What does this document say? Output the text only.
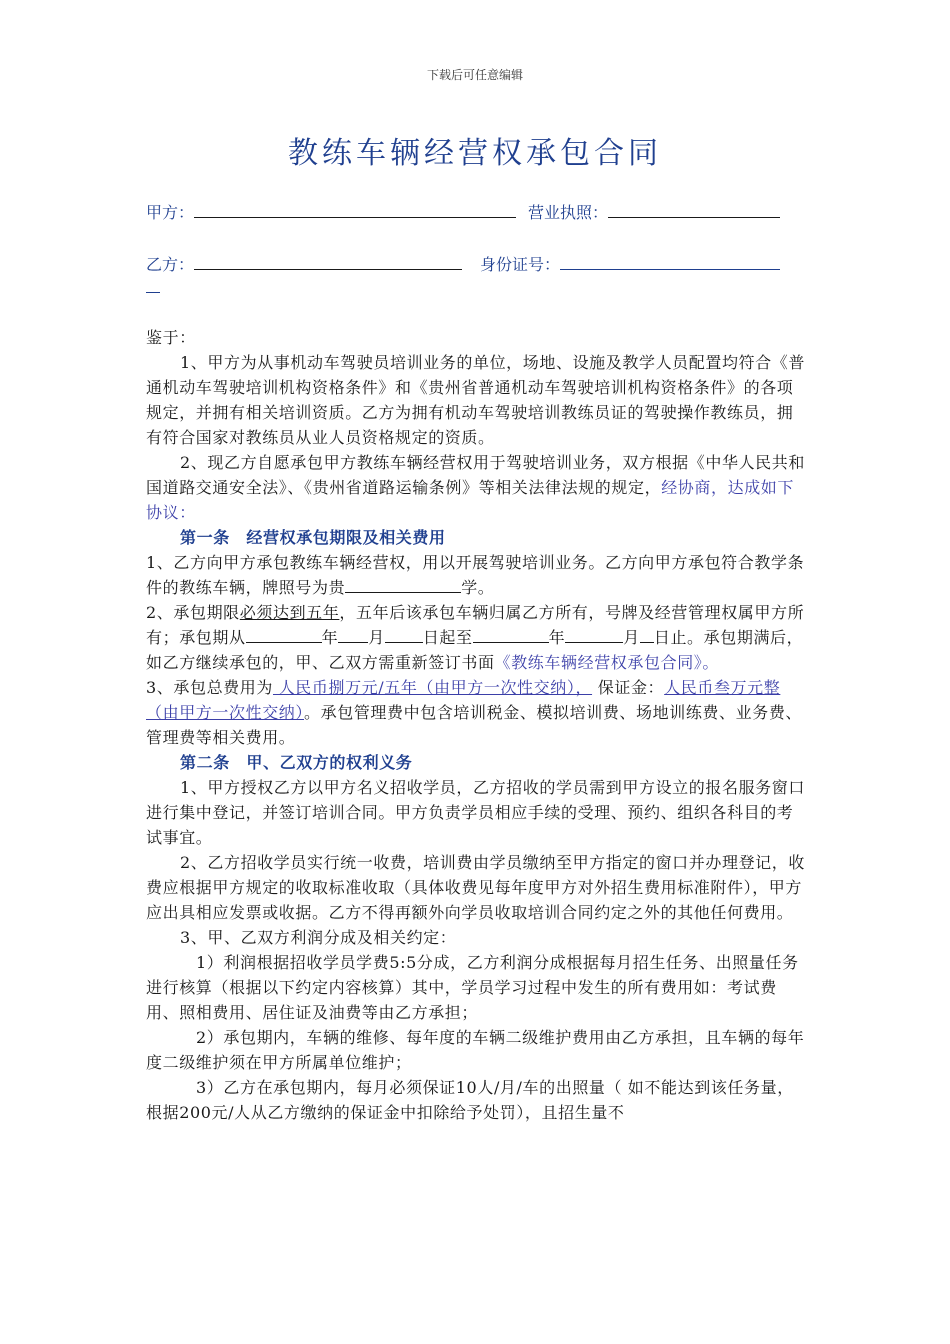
下载后可任意编辑
教练车辆经营权承包合同
甲方：	营业执照：
乙方：	身份证号：

鉴于：

1、甲方为从事机动车驾驶员培训业务的单位，场地、设施及教学人员配置均符合《普通机动车驾驶培训机构资格条件》和《贵州省普通机动车驾驶培训机构资格条件》的各项规定，并拥有相关培训资质。乙方为拥有机动车驾驶培训教练员证的驾驶操作教练员，拥有符合国家对教练员从业人员资格规定的资质。

2、现乙方自愿承包甲方教练车辆经营权用于驾驶培训业务，双方根据《中华人民共和国道路交通安全法》、《贵州省道路运输条例》等相关法律法规的规定，经协商，达成如下协议：

第一条　经营权承包期限及相关费用

1、乙方向甲方承包教练车辆经营权，用以开展驾驶培训业务。乙方向甲方承包符合教学条件的教练车辆，牌照号为贵	学。

2、承包期限必须达到五年，五年后该承包车辆归属乙方所有，号牌及经营管理权属甲方所有；承包期从	年 月 日起至	年	月 日止。承包期满后，如乙方继续承包的，甲、乙双方需重新签订书面《教练车辆经营权承包合同》。

3、承包总费用为 人民币捌万元/五年（由甲方一次性交纳）， 保证金：人民币叁万元整（由甲方一次性交纳）。承包管理费中包含培训税金、模拟培训费、场地训练费、业务费、管理费等相关费用。

第二条　甲、乙双方的权利义务

1、甲方授权乙方以甲方名义招收学员，乙方招收的学员需到甲方设立的报名服务窗口进行集中登记，并签订培训合同。甲方负责学员相应手续的受理、预约、组织各科目的考试事宜。

2、乙方招收学员实行统一收费，培训费由学员缴纳至甲方指定的窗口并办理登记，收费应根据甲方规定的收取标准收取（具体收费见每年度甲方对外招生费用标准附件），甲方应出具相应发票或收据。乙方不得再额外向学员收取培训合同约定之外的其他任何费用。

3、甲、乙双方利润分成及相关约定：

1）利润根据招收学员学费5:5分成，乙方利润分成根据每月招生任务、出照量任务进行核算（根据以下约定内容核算）其中，学员学习过程中发生的所有费用如：考试费用、照相费用、居住证及油费等由乙方承担；

2）承包期内，车辆的维修、每年度的车辆二级维护费用由乙方承担，且车辆的每年度二级维护须在甲方所属单位维护；

3）乙方在承包期内，每月必须保证10人/月/车的出照量（ 如不能达到该任务量，根据200元/人从乙方缴纳的保证金中扣除给予处罚），且招生量不
